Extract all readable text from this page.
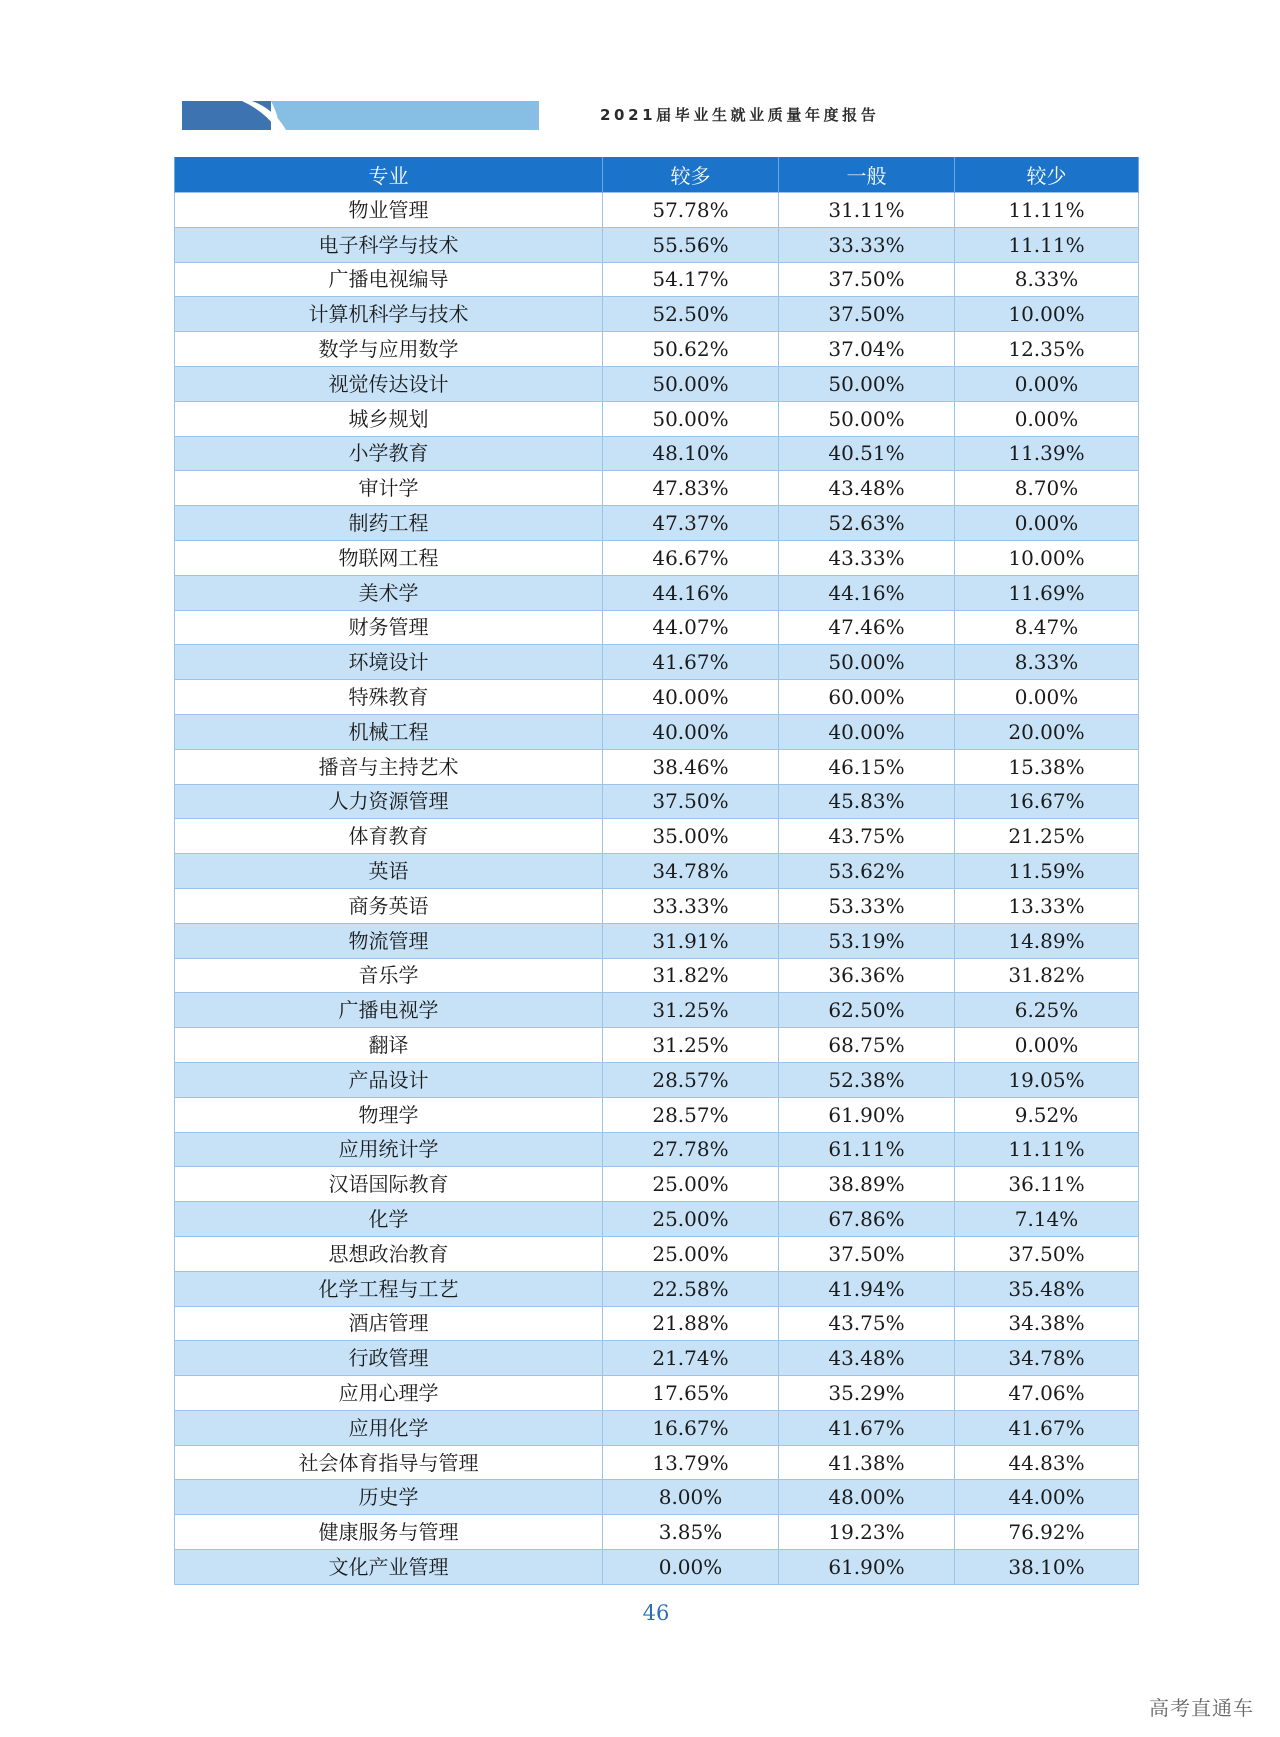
2021届毕业生就业质量年度报告
专业	较多	一般	较少
物业管理	57.78%	31.11%	11.11%
电子科学与技术	55.56%	33.33%	11.11%
广播电视编导	54.17%	37.50%	8.33%
计算机科学与技术	52.50%	37.50%	10.00%
数学与应用数学	50.62%	37.04%	12.35%
视觉传达设计	50.00%	50.00%	0.00%
城乡规划	50.00%	50.00%	0.00%
小学教育	48.10%	40.51%	11.39%
审计学	47.83%	43.48%	8.70%
制药工程	47.37%	52.63%	0.00%
物联网工程	46.67%	43.33%	10.00%
美术学	44.16%	44.16%	11.69%
财务管理	44.07%	47.46%	8.47%
环境设计	41.67%	50.00%	8.33%
特殊教育	40.00%	60.00%	0.00%
机械工程	40.00%	40.00%	20.00%
播音与主持艺术	38.46%	46.15%	15.38%
人力资源管理	37.50%	45.83%	16.67%
体育教育	35.00%	43.75%	21.25%
英语	34.78%	53.62%	11.59%
商务英语	33.33%	53.33%	13.33%
物流管理	31.91%	53.19%	14.89%
音乐学	31.82%	36.36%	31.82%
广播电视学	31.25%	62.50%	6.25%
翻译	31.25%	68.75%	0.00%
产品设计	28.57%	52.38%	19.05%
物理学	28.57%	61.90%	9.52%
应用统计学	27.78%	61.11%	11.11%
汉语国际教育	25.00%	38.89%	36.11%
化学	25.00%	67.86%	7.14%
思想政治教育	25.00%	37.50%	37.50%
化学工程与工艺	22.58%	41.94%	35.48%
酒店管理	21.88%	43.75%	34.38%
行政管理	21.74%	43.48%	34.78%
应用心理学	17.65%	35.29%	47.06%
应用化学	16.67%	41.67%	41.67%
社会体育指导与管理	13.79%	41.38%	44.83%
历史学	8.00%	48.00%	44.00%
健康服务与管理	3.85%	19.23%	76.92%
文化产业管理	0.00%	61.90%	38.10%
46
高考直通车
